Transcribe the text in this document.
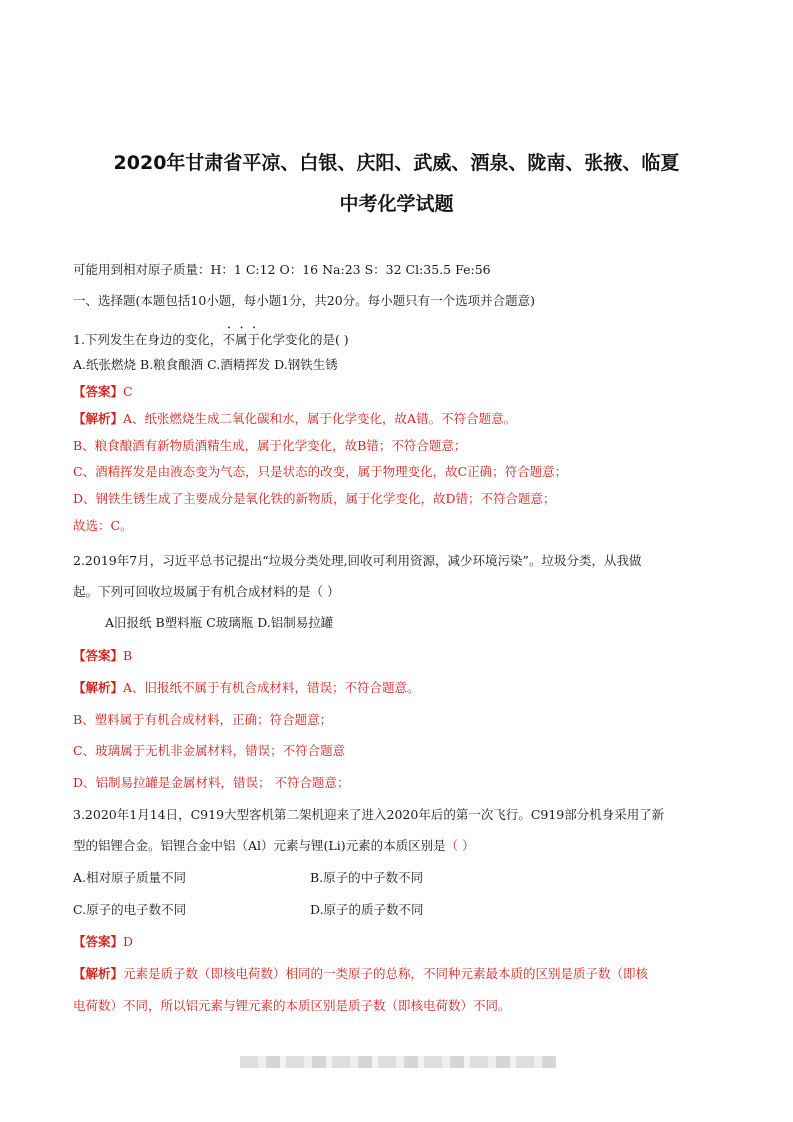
2020年甘肃省平凉、白银、庆阳、武威、酒泉、陇南、张掖、临夏
中考化学试题
可能用到相对原子质量：H：1 C:12 O：16 Na:23 S：32 Cl:35.5 Fe:56
一、选择题(本题包括10小题，每小题1分，共20分。每小题只有一个选项并合题意)
1.下列发生在身边的变化，不属于化学变化的是( )
A.纸张燃烧 B.粮食酿酒 C.酒精挥发 D.钢铁生锈
【答案】C
【解析】A、纸张燃烧生成二氧化碳和水，属于化学变化，故A错。不符合题意。
B、粮食酿酒有新物质酒精生成，属于化学变化，故B错；不符合题意；
C、酒精挥发是由液态变为气态，只是状态的改变，属于物理变化，故C正确；符合题意；
D、钢铁生锈生成了主要成分是氧化铁的新物质，属于化学变化，故D错；不符合题意；
故选：C。
2.2019年7月，习近平总书记提出“垃圾分类处理,回收可利用资源，减少环境污染”。垃圾分类，从我做
起。下列可回收垃圾属于有机合成材料的是（ ）
A旧报纸 B塑料瓶 C玻璃瓶 D.铝制易拉罐
【答案】B
【解析】A、旧报纸不属于有机合成材料，错误；不符合题意。
B、塑料属于有机合成材料，正确；符合题意；
C、玻璃属于无机非金属材料，错误；不符合题意
D、铝制易拉罐是金属材料，错误； 不符合题意；
3.2020年1月14日，C919大型客机第二架机迎来了进入2020年后的第一次飞行。C919部分机身采用了新
型的铝锂合金。铝锂合金中铝（Al）元素与锂(Li)元素的本质区别是（ ）
A.相对原子质量不同	B.原子的中子数不同
C.原子的电子数不同	D.原子的质子数不同
【答案】D
【解析】元素是质子数（即核电荷数）相同的一类原子的总称，不同种元素最本质的区别是质子数（即核
电荷数）不同，所以铝元素与锂元素的本质区别是质子数（即核电荷数）不同。
